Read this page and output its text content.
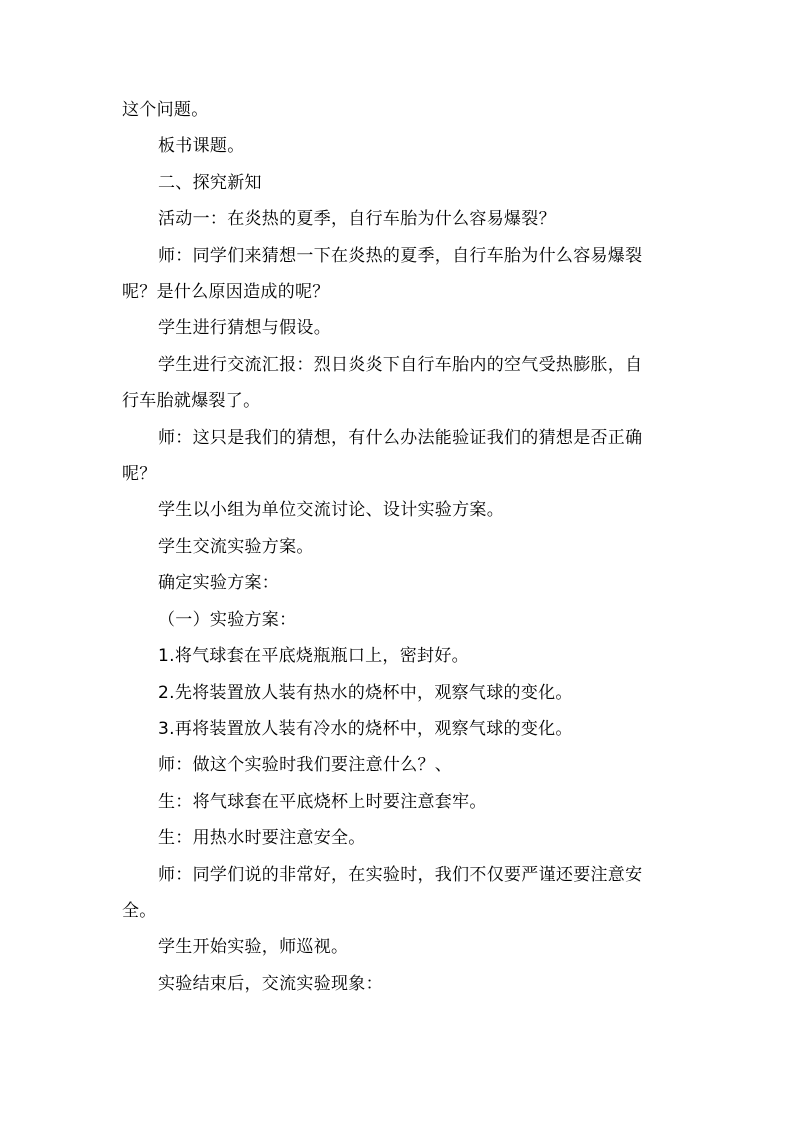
这个问题。
板书课题。
二、探究新知
活动一：在炎热的夏季，自行车胎为什么容易爆裂？
师：同学们来猜想一下在炎热的夏季，自行车胎为什么容易爆裂
呢？是什么原因造成的呢？
学生进行猜想与假设。
学生进行交流汇报：烈日炎炎下自行车胎内的空气受热膨胀，自
行车胎就爆裂了。
师：这只是我们的猜想，有什么办法能验证我们的猜想是否正确
呢？
学生以小组为单位交流讨论、设计实验方案。
学生交流实验方案。
确定实验方案：
（一）实验方案：
1.将气球套在平底烧瓶瓶口上，密封好。
2.先将装置放人装有热水的烧杯中，观察气球的变化。
3.再将装置放人装有冷水的烧杯中，观察气球的变化。
师：做这个实验时我们要注意什么？、
生：将气球套在平底烧杯上时要注意套牢。
生：用热水时要注意安全。
师：同学们说的非常好，在实验时，我们不仅要严谨还要注意安
全。
学生开始实验，师巡视。
实验结束后，交流实验现象：
